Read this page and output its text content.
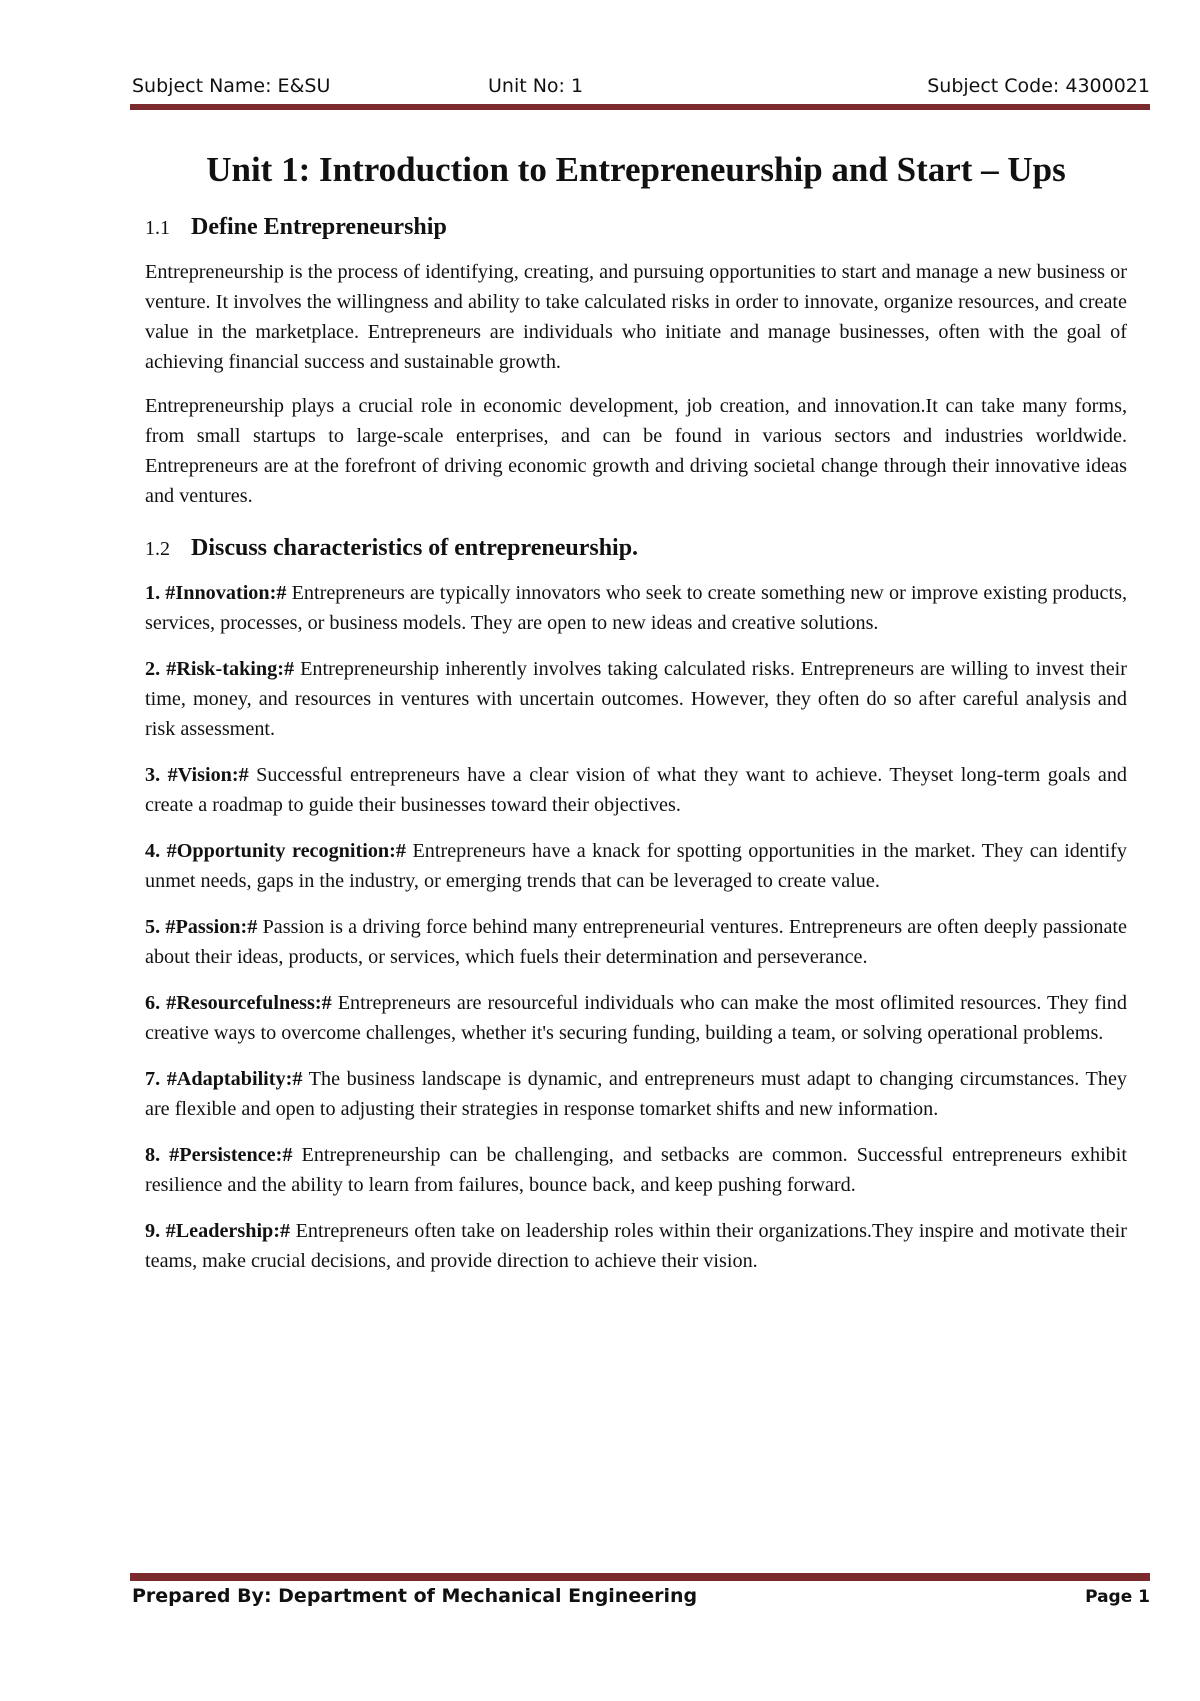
Subject Name: E&SU	Unit No: 1	Subject Code: 4300021
Unit 1: Introduction to Entrepreneurship and Start – Ups
1.1 Define Entrepreneurship

Entrepreneurship is the process of identifying, creating, and pursuing opportunities to start and manage a new business or venture. It involves the willingness and ability to take calculated risks in order to innovate, organize resources, and create value in the marketplace. Entrepreneurs are individuals who initiate and manage businesses, often with the goal of achieving financial success and sustainable growth.

Entrepreneurship plays a crucial role in economic development, job creation, and innovation.It can take many forms, from small startups to large-scale enterprises, and can be found in various sectors and industries worldwide. Entrepreneurs are at the forefront of driving economic growth and driving societal change through their innovative ideas and ventures.

1.2 Discuss characteristics of entrepreneurship.

1. #Innovation:# Entrepreneurs are typically innovators who seek to create something new or improve existing products, services, processes, or business models. They are open to new ideas and creative solutions.

2. #Risk-taking:# Entrepreneurship inherently involves taking calculated risks. Entrepreneurs are willing to invest their time, money, and resources in ventures with uncertain outcomes. However, they often do so after careful analysis and risk assessment.

3. #Vision:# Successful entrepreneurs have a clear vision of what they want to achieve. Theyset long-term goals and create a roadmap to guide their businesses toward their objectives.

4. #Opportunity recognition:# Entrepreneurs have a knack for spotting opportunities in the market. They can identify unmet needs, gaps in the industry, or emerging trends that can be leveraged to create value.

5. #Passion:# Passion is a driving force behind many entrepreneurial ventures. Entrepreneurs are often deeply passionate about their ideas, products, or services, which fuels their determination and perseverance.

6. #Resourcefulness:# Entrepreneurs are resourceful individuals who can make the most oflimited resources. They find creative ways to overcome challenges, whether it's securing funding, building a team, or solving operational problems.

7. #Adaptability:# The business landscape is dynamic, and entrepreneurs must adapt to changing circumstances. They are flexible and open to adjusting their strategies in response tomarket shifts and new information.

8. #Persistence:# Entrepreneurship can be challenging, and setbacks are common. Successful entrepreneurs exhibit resilience and the ability to learn from failures, bounce back, and keep pushing forward.

9. #Leadership:# Entrepreneurs often take on leadership roles within their organizations.They inspire and motivate their teams, make crucial decisions, and provide direction to achieve their vision.

Prepared By: Department of Mechanical Engineering	Page 1
